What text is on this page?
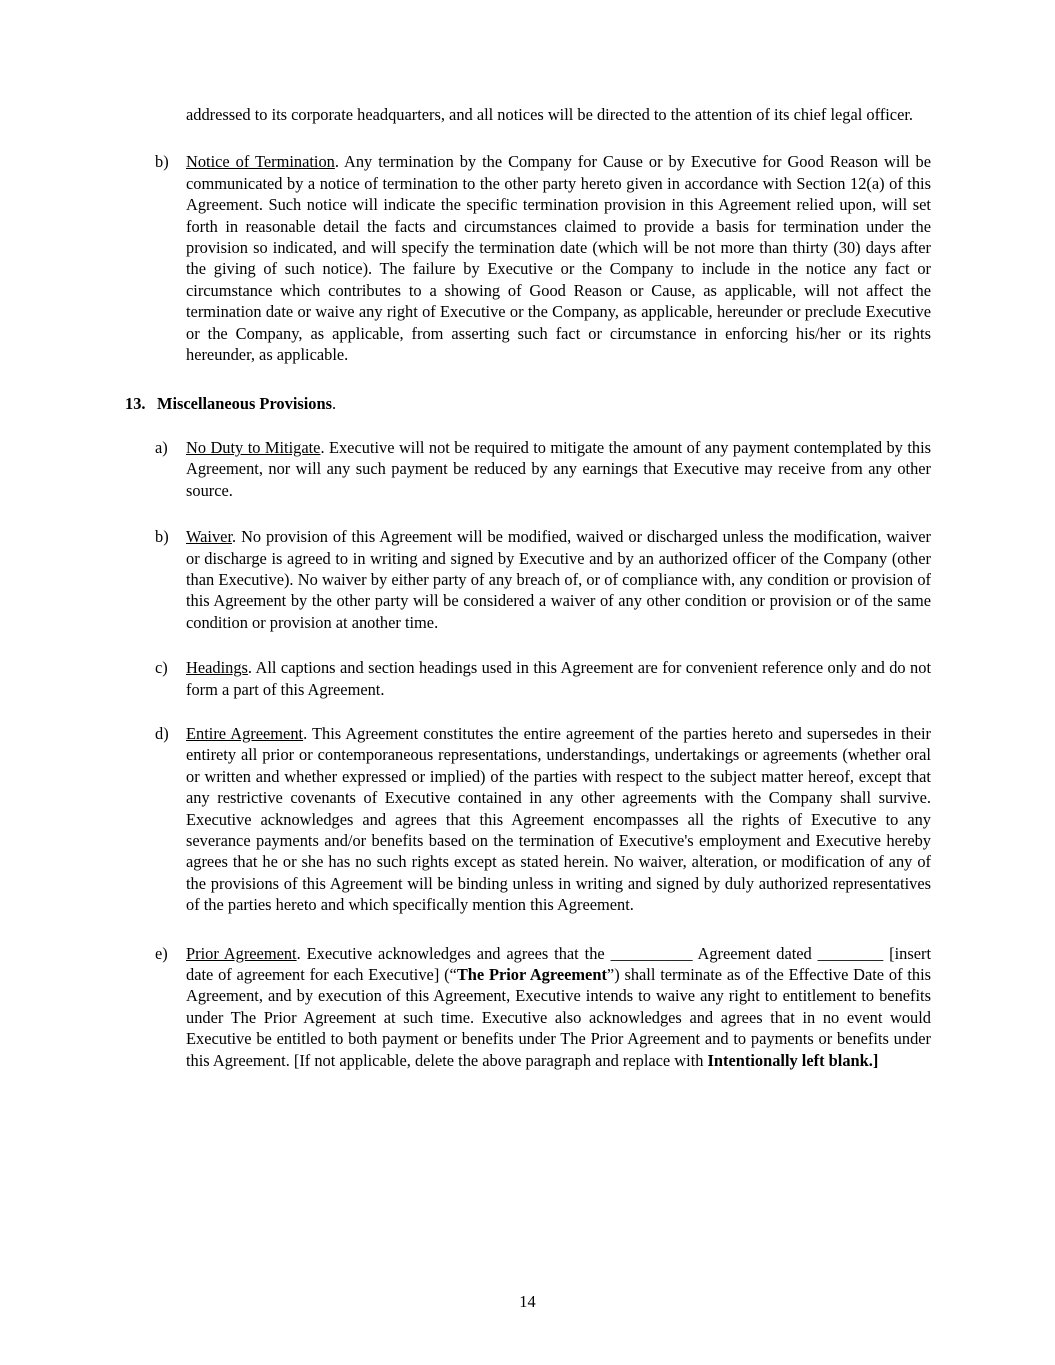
addressed to its corporate headquarters, and all notices will be directed to the attention of its chief legal officer.

b)	Notice of Termination. Any termination by the Company for Cause or by Executive for Good Reason will be communicated by a notice of termination to the other party hereto given in accordance with Section 12(a) of this Agreement. Such notice will indicate the specific termination provision in this Agreement relied upon, will set forth in reasonable detail the facts and circumstances claimed to provide a basis for termination under the provision so indicated, and will specify the termination date (which will be not more than thirty (30) days after the giving of such notice). The failure by Executive or the Company to include in the notice any fact or circumstance which contributes to a showing of Good Reason or Cause, as applicable, will not affect the termination date or waive any right of Executive or the Company, as applicable, hereunder or preclude Executive or the Company, as applicable, from asserting such fact or circumstance in enforcing his/her or its rights hereunder, as applicable.

13. Miscellaneous Provisions.

a)	No Duty to Mitigate. Executive will not be required to mitigate the amount of any payment contemplated by this Agreement, nor will any such payment be reduced by any earnings that Executive may receive from any other source.

b)	Waiver. No provision of this Agreement will be modified, waived or discharged unless the modification, waiver or discharge is agreed to in writing and signed by Executive and by an authorized officer of the Company (other than Executive). No waiver by either party of any breach of, or of compliance with, any condition or provision of this Agreement by the other party will be considered a waiver of any other condition or provision or of the same condition or provision at another time.

c)	Headings. All captions and section headings used in this Agreement are for convenient reference only and do not form a part of this Agreement.

d)	Entire Agreement. This Agreement constitutes the entire agreement of the parties hereto and supersedes in their entirety all prior or contemporaneous representations, understandings, undertakings or agreements (whether oral or written and whether expressed or implied) of the parties with respect to the subject matter hereof, except that any restrictive covenants of Executive contained in any other agreements with the Company shall survive. Executive acknowledges and agrees that this Agreement encompasses all the rights of Executive to any severance payments and/or benefits based on the termination of Executive's employment and Executive hereby agrees that he or she has no such rights except as stated herein. No waiver, alteration, or modification of any of the provisions of this Agreement will be binding unless in writing and signed by duly authorized representatives of the parties hereto and which specifically mention this Agreement.

e)	Prior Agreement. Executive acknowledges and agrees that the __________ Agreement dated ________ [insert date of agreement for each Executive] (“The Prior Agreement”) shall terminate as of the Effective Date of this Agreement, and by execution of this Agreement, Executive intends to waive any right to entitlement to benefits under The Prior Agreement at such time. Executive also acknowledges and agrees that in no event would Executive be entitled to both payment or benefits under The Prior Agreement and to payments or benefits under this Agreement. [If not applicable, delete the above paragraph and replace with Intentionally left blank.]

14
